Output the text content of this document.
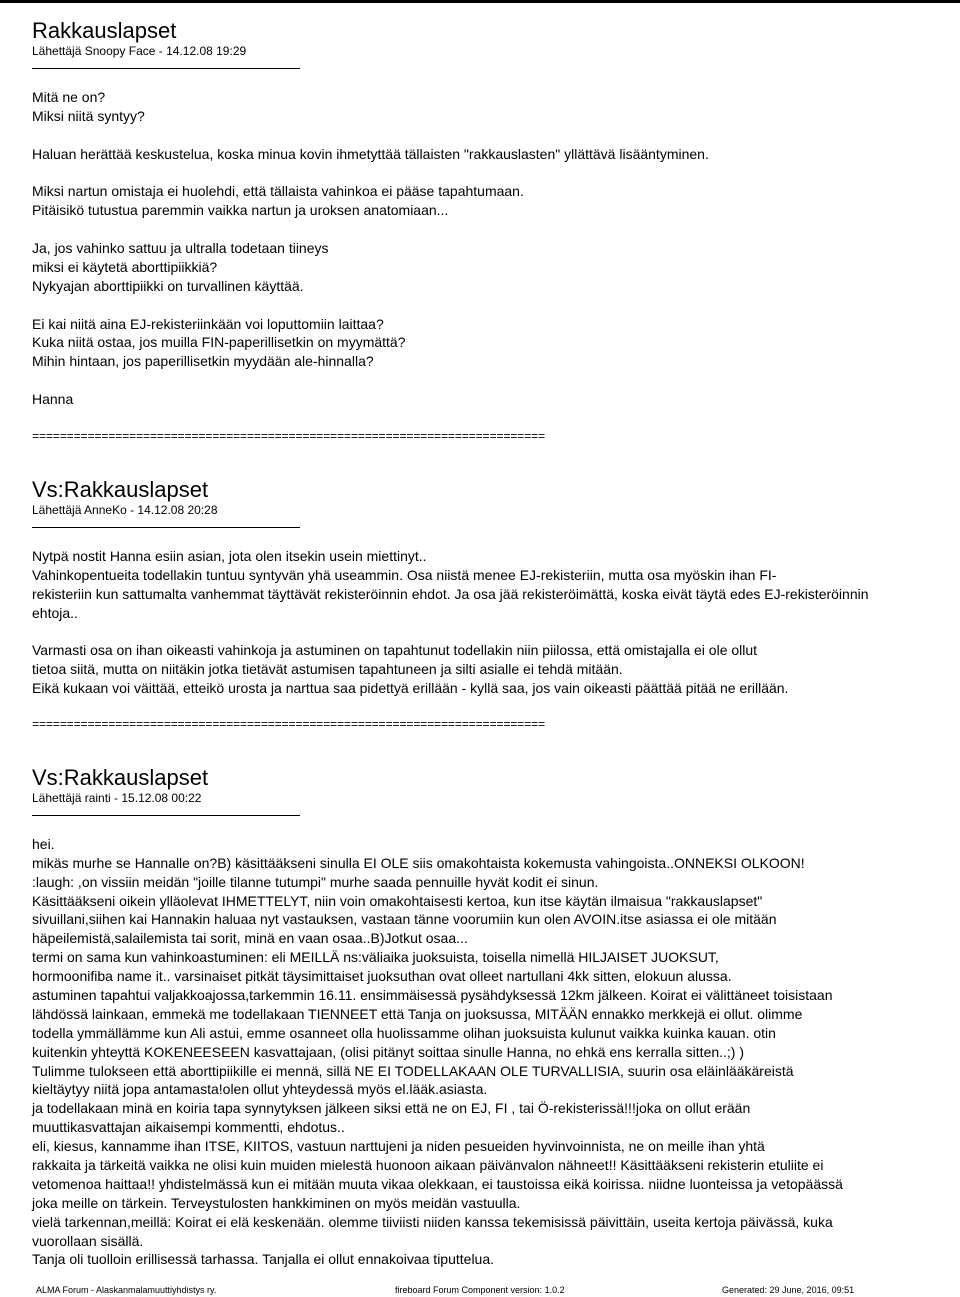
Rakkauslapset
Lähettäjä Snoopy Face - 14.12.08 19:29
Mitä ne on?
Miksi niitä syntyy?
Haluan herättää keskustelua, koska minua kovin ihmetyttää tällaisten "rakkauslasten" yllättävä lisääntyminen.
Miksi nartun omistaja ei huolehdi, että tällaista vahinkoa ei pääse tapahtumaan.
Pitäisikö tutustua paremmin vaikka nartun ja uroksen anatomiaan...
Ja, jos vahinko sattuu ja ultralla todetaan tiineys
miksi ei käytetä aborttipiikkiä?
Nykyajan aborttipiikki on turvallinen käyttää.
Ei kai niitä aina EJ-rekisteriinkään voi loputtomiin laittaa?
Kuka niitä ostaa, jos muilla FIN-paperillisetkin on myymättä?
Mihin hintaan, jos paperillisetkin myydään ale-hinnalla?
Hanna
==========================================================================
Vs:Rakkauslapset
Lähettäjä AnneKo - 14.12.08 20:28
Nytpä nostit Hanna esiin asian, jota olen itsekin usein miettinyt..
Vahinkopentueita todellakin tuntuu syntyvän yhä useammin. Osa niistä menee EJ-rekisteriin, mutta osa myöskin ihan FI-
rekisteriin kun sattumalta vanhemmat täyttävät rekisteröinnin ehdot. Ja osa jää rekisteröimättä, koska eivät täytä edes EJ-rekisteröinnin
ehtoja..
Varmasti osa on ihan oikeasti vahinkoja ja astuminen on tapahtunut todellakin niin piilossa, että omistajalla ei ole ollut
tietoa siitä, mutta on niitäkin jotka tietävät astumisen tapahtuneen ja silti asialle ei tehdä mitään.
Eikä kukaan voi väittää, etteikö urosta ja narttua saa pidettyä erillään - kyllä saa, jos vain oikeasti päättää pitää ne erillään.
==========================================================================
Vs:Rakkauslapset
Lähettäjä rainti - 15.12.08 00:22
hei.
mikäs murhe se Hannalle on?B) käsittääkseni sinulla EI OLE siis omakohtaista kokemusta vahingoista..ONNEKSI OLKOON!
:laugh: ,on vissiin meidän "joille tilanne tutumpi" murhe saada pennuille hyvät kodit ei sinun.
Käsittääkseni oikein ylläolevat IHMETTELYT, niin voin omakohtaisesti kertoa, kun itse käytän ilmaisua "rakkauslapset"
sivuillani,siihen kai Hannakin haluaa nyt vastauksen, vastaan tänne voorumiin kun olen AVOIN.itse asiassa ei ole mitään
häpeilemistä,salailemista tai sorit, minä en vaan osaa..B)Jotkut osaa...
termi on sama kun vahinkoastuminen: eli MEILLÄ ns:väliaika juoksuista, toisella nimellä HILJAISET JUOKSUT,
hormoonifiba name it.. varsinaiset pitkät täysimittaiset juoksuthan ovat olleet nartullani 4kk sitten, elokuun alussa.
astuminen tapahtui valjakkoajossa,tarkemmin 16.11. ensimmäisessä pysähdyksessä 12km jälkeen. Koirat ei välittäneet toisistaan
lähdössä lainkaan, emmekä me todellakaan TIENNEET että Tanja on juoksussa, MITÄÄN ennakko merkkejä ei ollut. olimme
todella ymmällämme kun Ali astui, emme osanneet olla huolissamme olihan juoksuista kulunut vaikka kuinka kauan. otin
kuitenkin yhteyttä KOKENEESEEN kasvattajaan, (olisi pitänyt soittaa sinulle Hanna, no ehkä ens kerralla sitten..;) )
Tulimme tulokseen että aborttipiikille ei mennä, sillä NE EI TODELLAKAAN OLE TURVALLISIA, suurin osa eläinlääkäreistä
kieltäytyy niitä jopa antamasta!olen ollut yhteydessä myös el.lääk.asiasta.
ja todellakaan minä en koiria tapa synnytyksen jälkeen siksi että ne on EJ, FI , tai Ö-rekisterissä!!!joka on ollut erään
muuttikasvattajan aikaisempi kommentti, ehdotus..
eli, kiesus, kannamme ihan ITSE, KIITOS, vastuun narttujeni ja niden pesueiden hyvinvoinnista, ne on meille ihan yhtä
rakkaita ja tärkeitä vaikka ne olisi kuin muiden mielestä huonoon aikaan päivänvalon nähneet!! Käsittääkseni rekisterin etuliite ei
vetomenoa haittaa!! yhdistelmässä kun ei mitään muuta vikaa olekkaan, ei taustoissa eikä koirissa. niidne luonteissa ja vetopäässä
joka meille on tärkein. Terveystulosten hankkiminen on myös meidän vastuulla.
vielä tarkennan,meillä: Koirat ei elä keskenään. olemme tiiviisti niiden kanssa tekemisissä päivittäin, useita kertoja päivässä, kuka
vuorollaan sisällä.
Tanja oli tuolloin erillisessä tarhassa. Tanjalla ei ollut ennakoivaa tiputtelua.
ALMA Forum - Alaskanmalamuuttiyhdistys ry.	fireboard Forum Component version: 1.0.2	Generated: 29 June, 2016, 09:51
